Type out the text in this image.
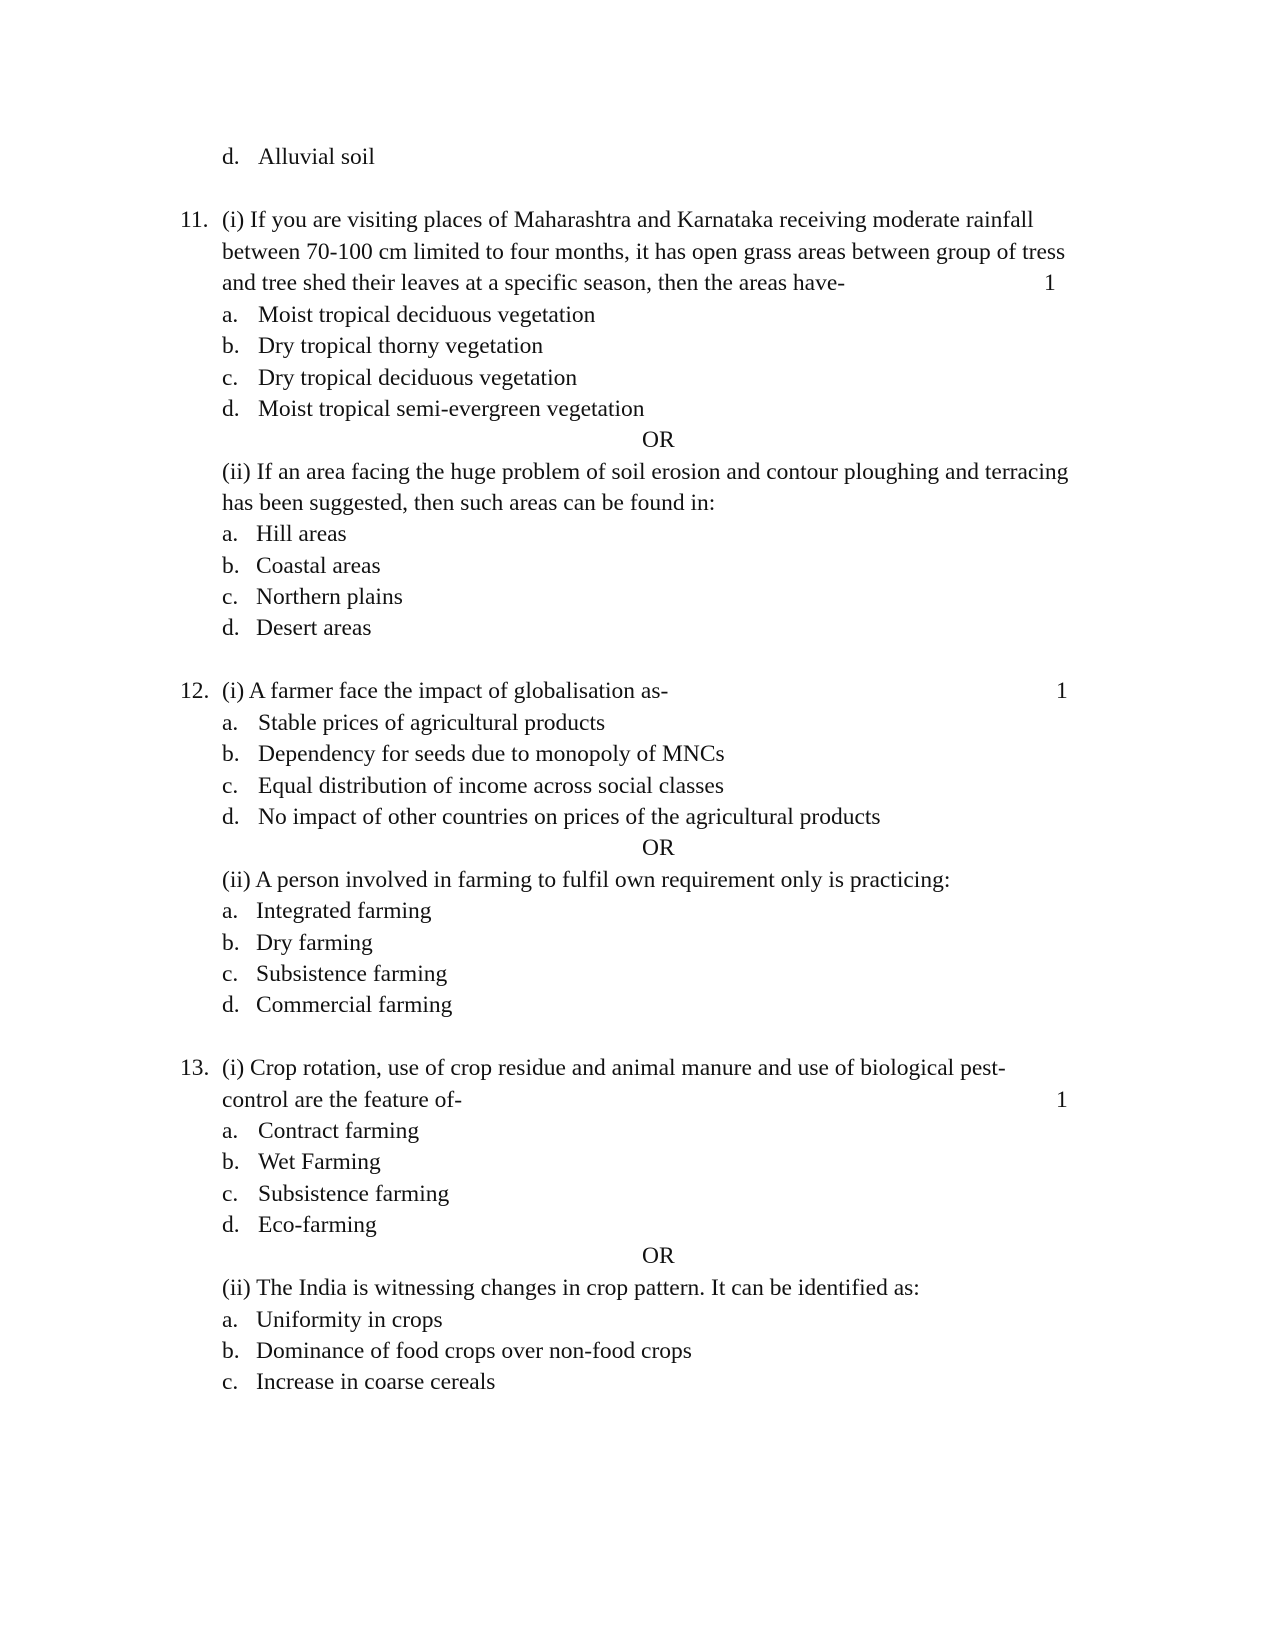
d. Alluvial soil
11. (i) If you are visiting places of Maharashtra and Karnataka receiving moderate rainfall
between 70-100 cm limited to four months, it has open grass areas between group of tress
and tree shed their leaves at a specific season, then the areas have-	1
a. Moist tropical deciduous vegetation
b. Dry tropical thorny vegetation
c. Dry tropical deciduous vegetation
d. Moist tropical semi-evergreen vegetation
OR
(ii) If an area facing the huge problem of soil erosion and contour ploughing and terracing
has been suggested, then such areas can be found in:
a. Hill areas
b. Coastal areas
c. Northern plains
d. Desert areas
12. (i) A farmer face the impact of globalisation as-	1
a. Stable prices of agricultural products
b. Dependency for seeds due to monopoly of MNCs
c. Equal distribution of income across social classes
d. No impact of other countries on prices of the agricultural products
OR
(ii) A person involved in farming to fulfil own requirement only is practicing:
a. Integrated farming
b. Dry farming
c. Subsistence farming
d. Commercial farming
13. (i) Crop rotation, use of crop residue and animal manure and use of biological pest-
control are the feature of-	1
a. Contract farming
b. Wet Farming
c. Subsistence farming
d. Eco-farming
OR
(ii) The India is witnessing changes in crop pattern. It can be identified as:
a. Uniformity in crops
b. Dominance of food crops over non-food crops
c. Increase in coarse cereals
